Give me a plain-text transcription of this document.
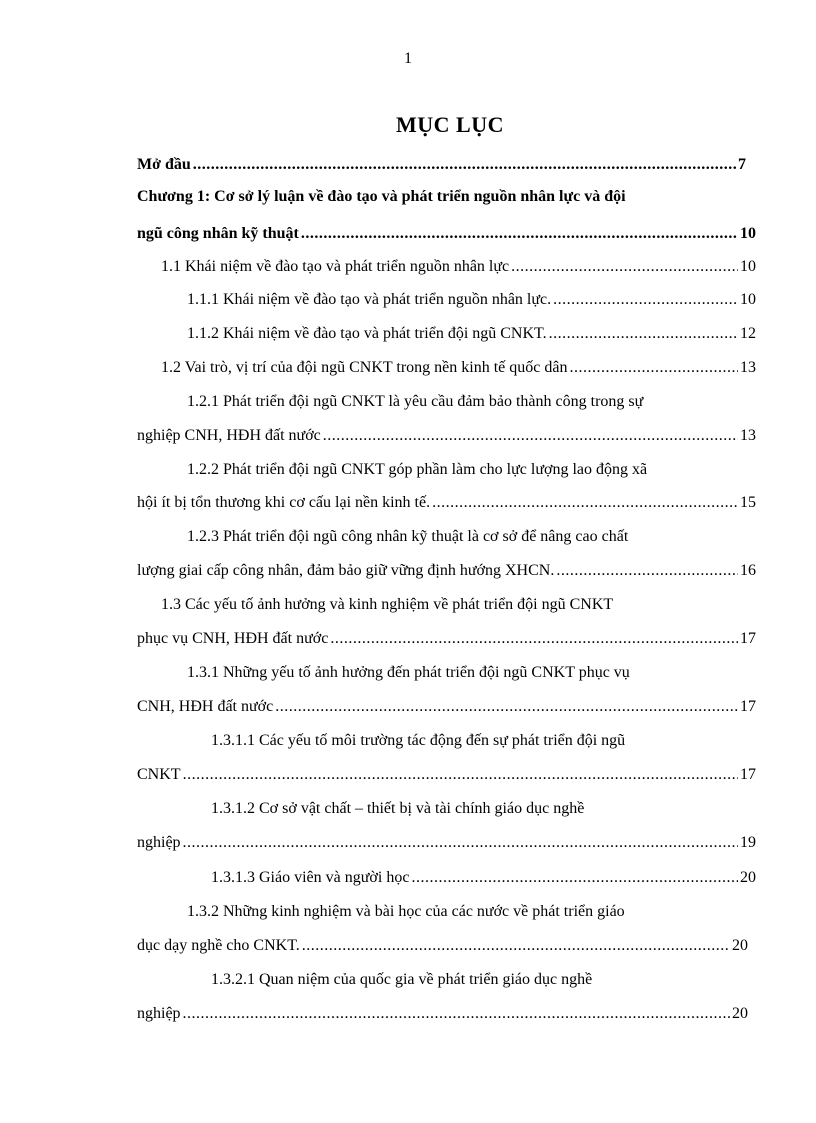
1
MỤC LỤC
Mở đầu .....	7
Chương 1: Cơ sở lý luận về đào tạo và phát triển nguồn nhân lực và đội
ngũ công nhân kỹ thuật .....	10
1.1 Khái niệm về đào tạo và phát triển nguồn nhân lực .....	10
1.1.1 Khái niệm về đào tạo và phát triển nguồn nhân lực. .....	10
1.1.2 Khái niệm về đào tạo và phát triển đội ngũ CNKT. .....	12
1.2 Vai trò, vị trí của đội ngũ CNKT trong nền kinh tế quốc dân .....	13
1.2.1 Phát triển đội ngũ CNKT là yêu cầu đảm bảo thành công trong sự
nghiệp CNH, HĐH đất nước .....	13
1.2.2 Phát triển đội ngũ CNKT góp phần làm cho lực lượng lao động xã
hội ít bị tổn thương khi cơ cấu lại nền kinh tế. .....	15
1.2.3 Phát triển đội ngũ công nhân kỹ thuật là cơ sở để nâng cao chất
lượng giai cấp công nhân, đảm bảo giữ vững định hướng XHCN. .....	16
1.3 Các yếu tố ảnh hưởng và kinh nghiệm về phát triển đội ngũ CNKT
phục vụ CNH, HĐH đất nước .....	17
1.3.1 Những yếu tố ảnh hưởng đến phát triển đội ngũ CNKT phục vụ
CNH, HĐH đất nước .....	17
1.3.1.1 Các yếu tố môi trường tác động đến sự phát triển đội ngũ
CNKT .....	17
1.3.1.2 Cơ sở vật chất – thiết bị và tài chính giáo dục nghề
nghiệp .....	19
1.3.1.3 Giáo viên và người học .....	20
1.3.2 Những kinh nghiệm và bài học của các nước về phát triển giáo
dục dạy nghề cho CNKT. .....	20
1.3.2.1 Quan niệm của quốc gia về phát triển giáo dục nghề
nghiệp .....	20
